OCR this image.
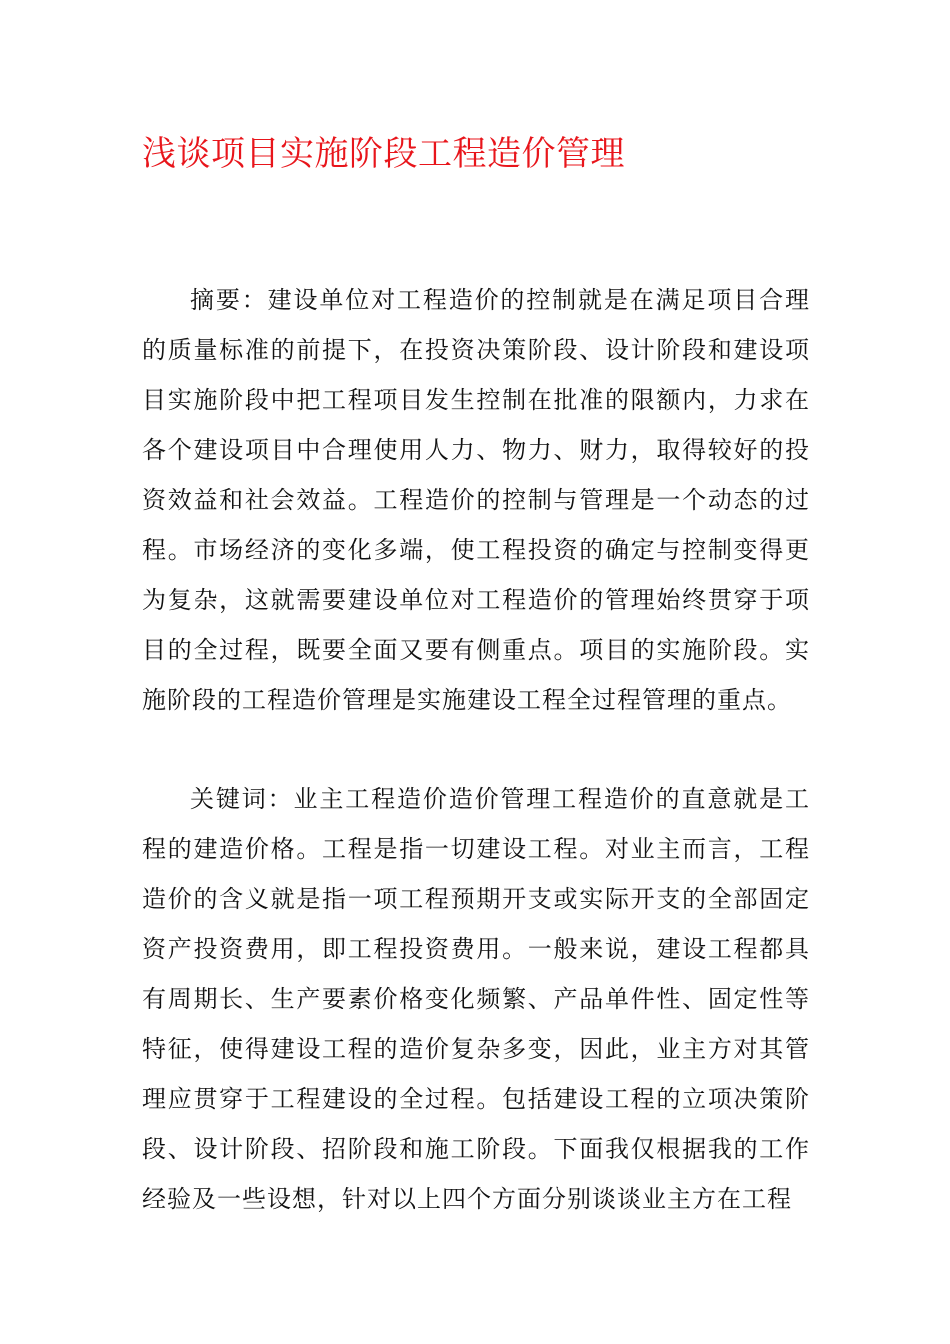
浅谈项目实施阶段工程造价管理

摘要：建设单位对工程造价的控制就是在满足项目合理的质量标准的前提下，在投资决策阶段、设计阶段和建设项目实施阶段中把工程项目发生控制在批准的限额内，力求在各个建设项目中合理使用人力、物力、财力，取得较好的投资效益和社会效益。工程造价的控制与管理是一个动态的过程。市场经济的变化多端，使工程投资的确定与控制变得更为复杂，这就需要建设单位对工程造价的管理始终贯穿于项目的全过程，既要全面又要有侧重点。项目的实施阶段。实施阶段的工程造价管理是实施建设工程全过程管理的重点。

关键词：业主工程造价造价管理工程造价的直意就是工程的建造价格。工程是指一切建设工程。对业主而言，工程造价的含义就是指一项工程预期开支或实际开支的全部固定资产投资费用，即工程投资费用。一般来说，建设工程都具有周期长、生产要素价格变化频繁、产品单件性、固定性等特征，使得建设工程的造价复杂多变，因此，业主方对其管理应贯穿于工程建设的全过程。包括建设工程的立项决策阶段、设计阶段、招阶段和施工阶段。下面我仅根据我的工作经验及一些设想，针对以上四个方面分别谈谈业主方在工程
